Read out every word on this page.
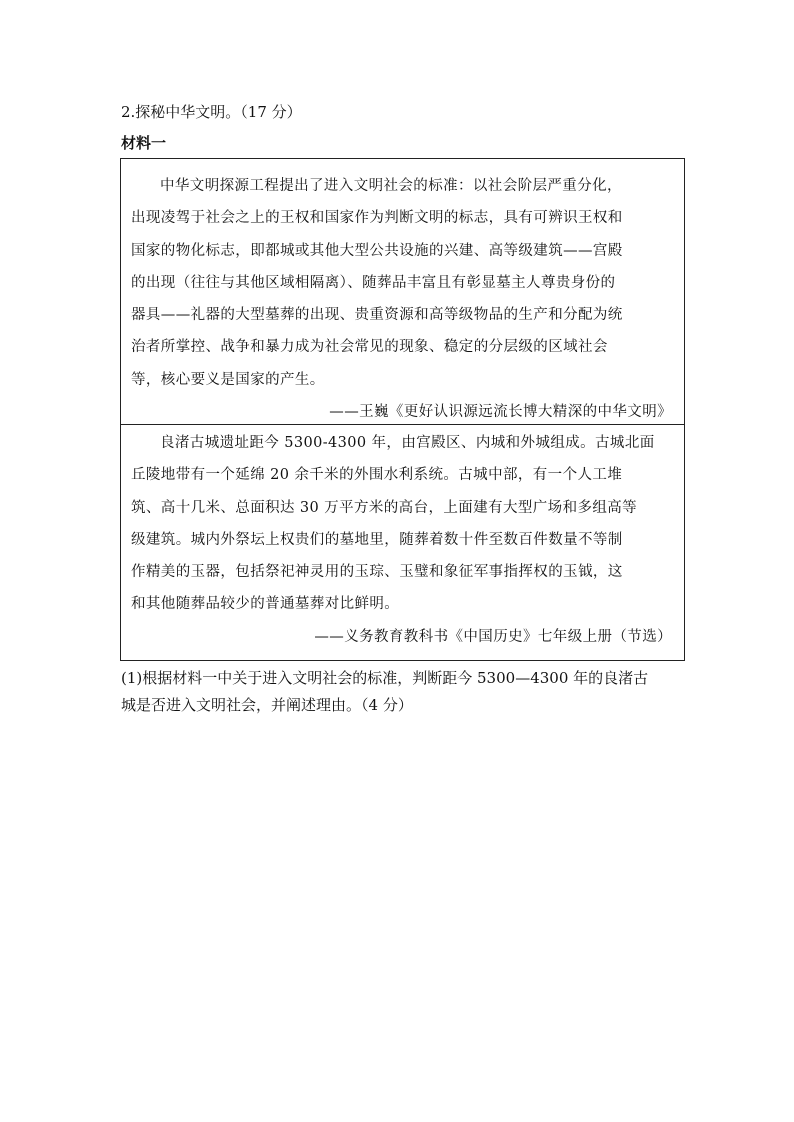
2.探秘中华文明。（17 分）
材料一
中华文明探源工程提出了进入文明社会的标准：以社会阶层严重分化，
出现凌驾于社会之上的王权和国家作为判断文明的标志，具有可辨识王权和
国家的物化标志，即都城或其他大型公共设施的兴建、高等级建筑——宫殿
的出现（往往与其他区域相隔离）、随葬品丰富且有彰显墓主人尊贵身份的
器具——礼器的大型墓葬的出现、贵重资源和高等级物品的生产和分配为统
治者所掌控、战争和暴力成为社会常见的现象、稳定的分层级的区域社会
等，核心要义是国家的产生。
——王巍《更好认识源远流长博大精深的中华文明》
良渚古城遗址距今 5300-4300 年，由宫殿区、内城和外城组成。古城北面
丘陵地带有一个延绵 20 余千米的外围水利系统。古城中部，有一个人工堆
筑、高十几米、总面积达 30 万平方米的高台，上面建有大型广场和多组高等
级建筑。城内外祭坛上权贵们的墓地里，随葬着数十件至数百件数量不等制
作精美的玉器，包括祭祀神灵用的玉琮、玉璧和象征军事指挥权的玉钺，这
和其他随葬品较少的普通墓葬对比鲜明。
——义务教育教科书《中国历史》七年级上册（节选）
(1)根据材料一中关于进入文明社会的标准，判断距今 5300—4300 年的良渚古
城是否进入文明社会，并阐述理由。（4 分）
